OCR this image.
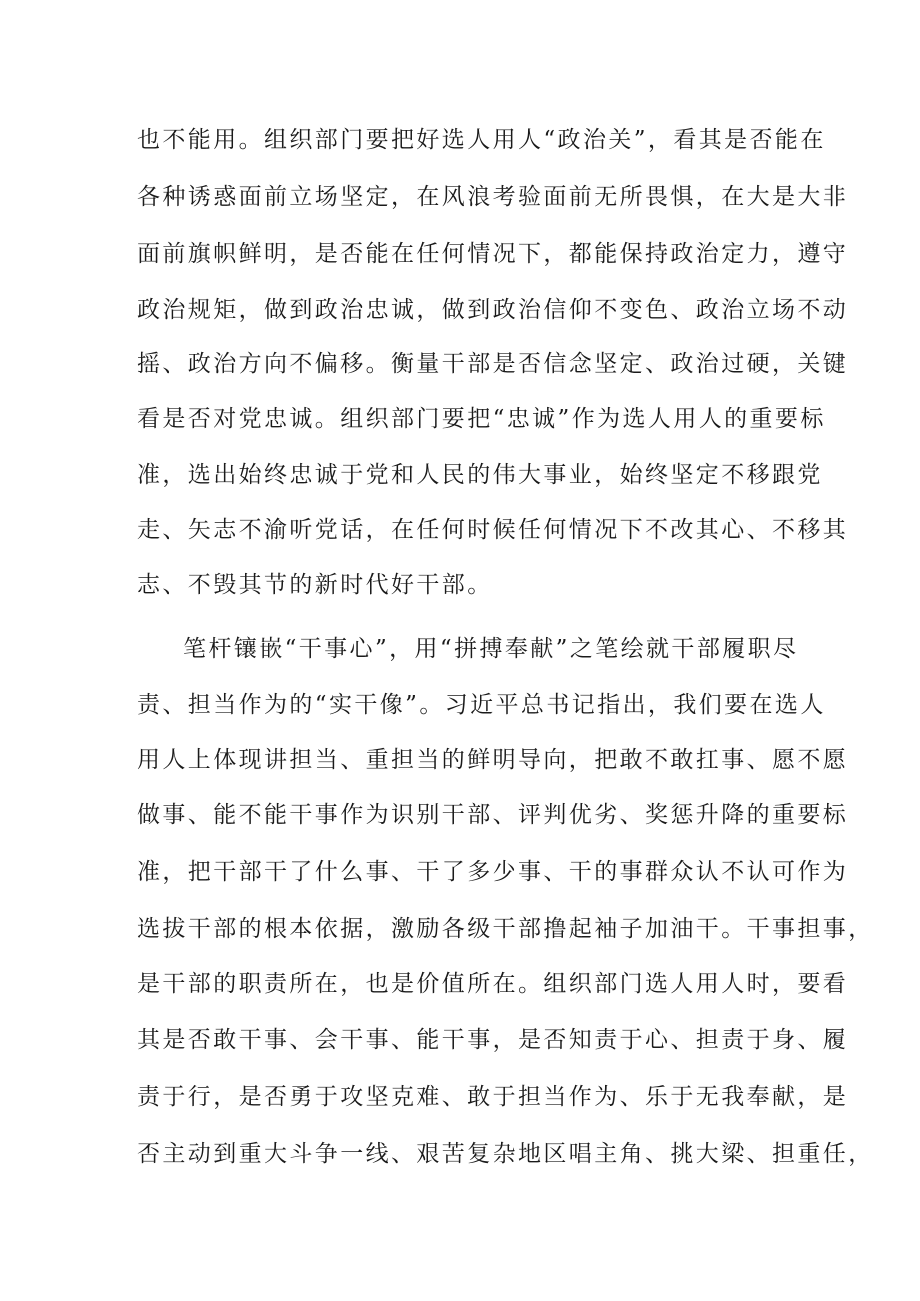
也不能用。组织部门要把好选人用人“政治关”，看其是否能在
各种诱惑面前立场坚定，在风浪考验面前无所畏惧，在大是大非
面前旗帜鲜明，是否能在任何情况下，都能保持政治定力，遵守
政治规矩，做到政治忠诚，做到政治信仰不变色、政治立场不动
摇、政治方向不偏移。衡量干部是否信念坚定、政治过硬，关键
看是否对党忠诚。组织部门要把“忠诚”作为选人用人的重要标
准，选出始终忠诚于党和人民的伟大事业，始终坚定不移跟党
走、矢志不渝听党话，在任何时候任何情况下不改其心、不移其
志、不毁其节的新时代好干部。
笔杆镶嵌“干事心”，用“拼搏奉献”之笔绘就干部履职尽
责、担当作为的“实干像”。习近平总书记指出，我们要在选人
用人上体现讲担当、重担当的鲜明导向，把敢不敢扛事、愿不愿
做事、能不能干事作为识别干部、评判优劣、奖惩升降的重要标
准，把干部干了什么事、干了多少事、干的事群众认不认可作为
选拔干部的根本依据，激励各级干部撸起袖子加油干。干事担事，
是干部的职责所在，也是价值所在。组织部门选人用人时，要看
其是否敢干事、会干事、能干事，是否知责于心、担责于身、履
责于行，是否勇于攻坚克难、敢于担当作为、乐于无我奉献，是
否主动到重大斗争一线、艰苦复杂地区唱主角、挑大梁、担重任，
